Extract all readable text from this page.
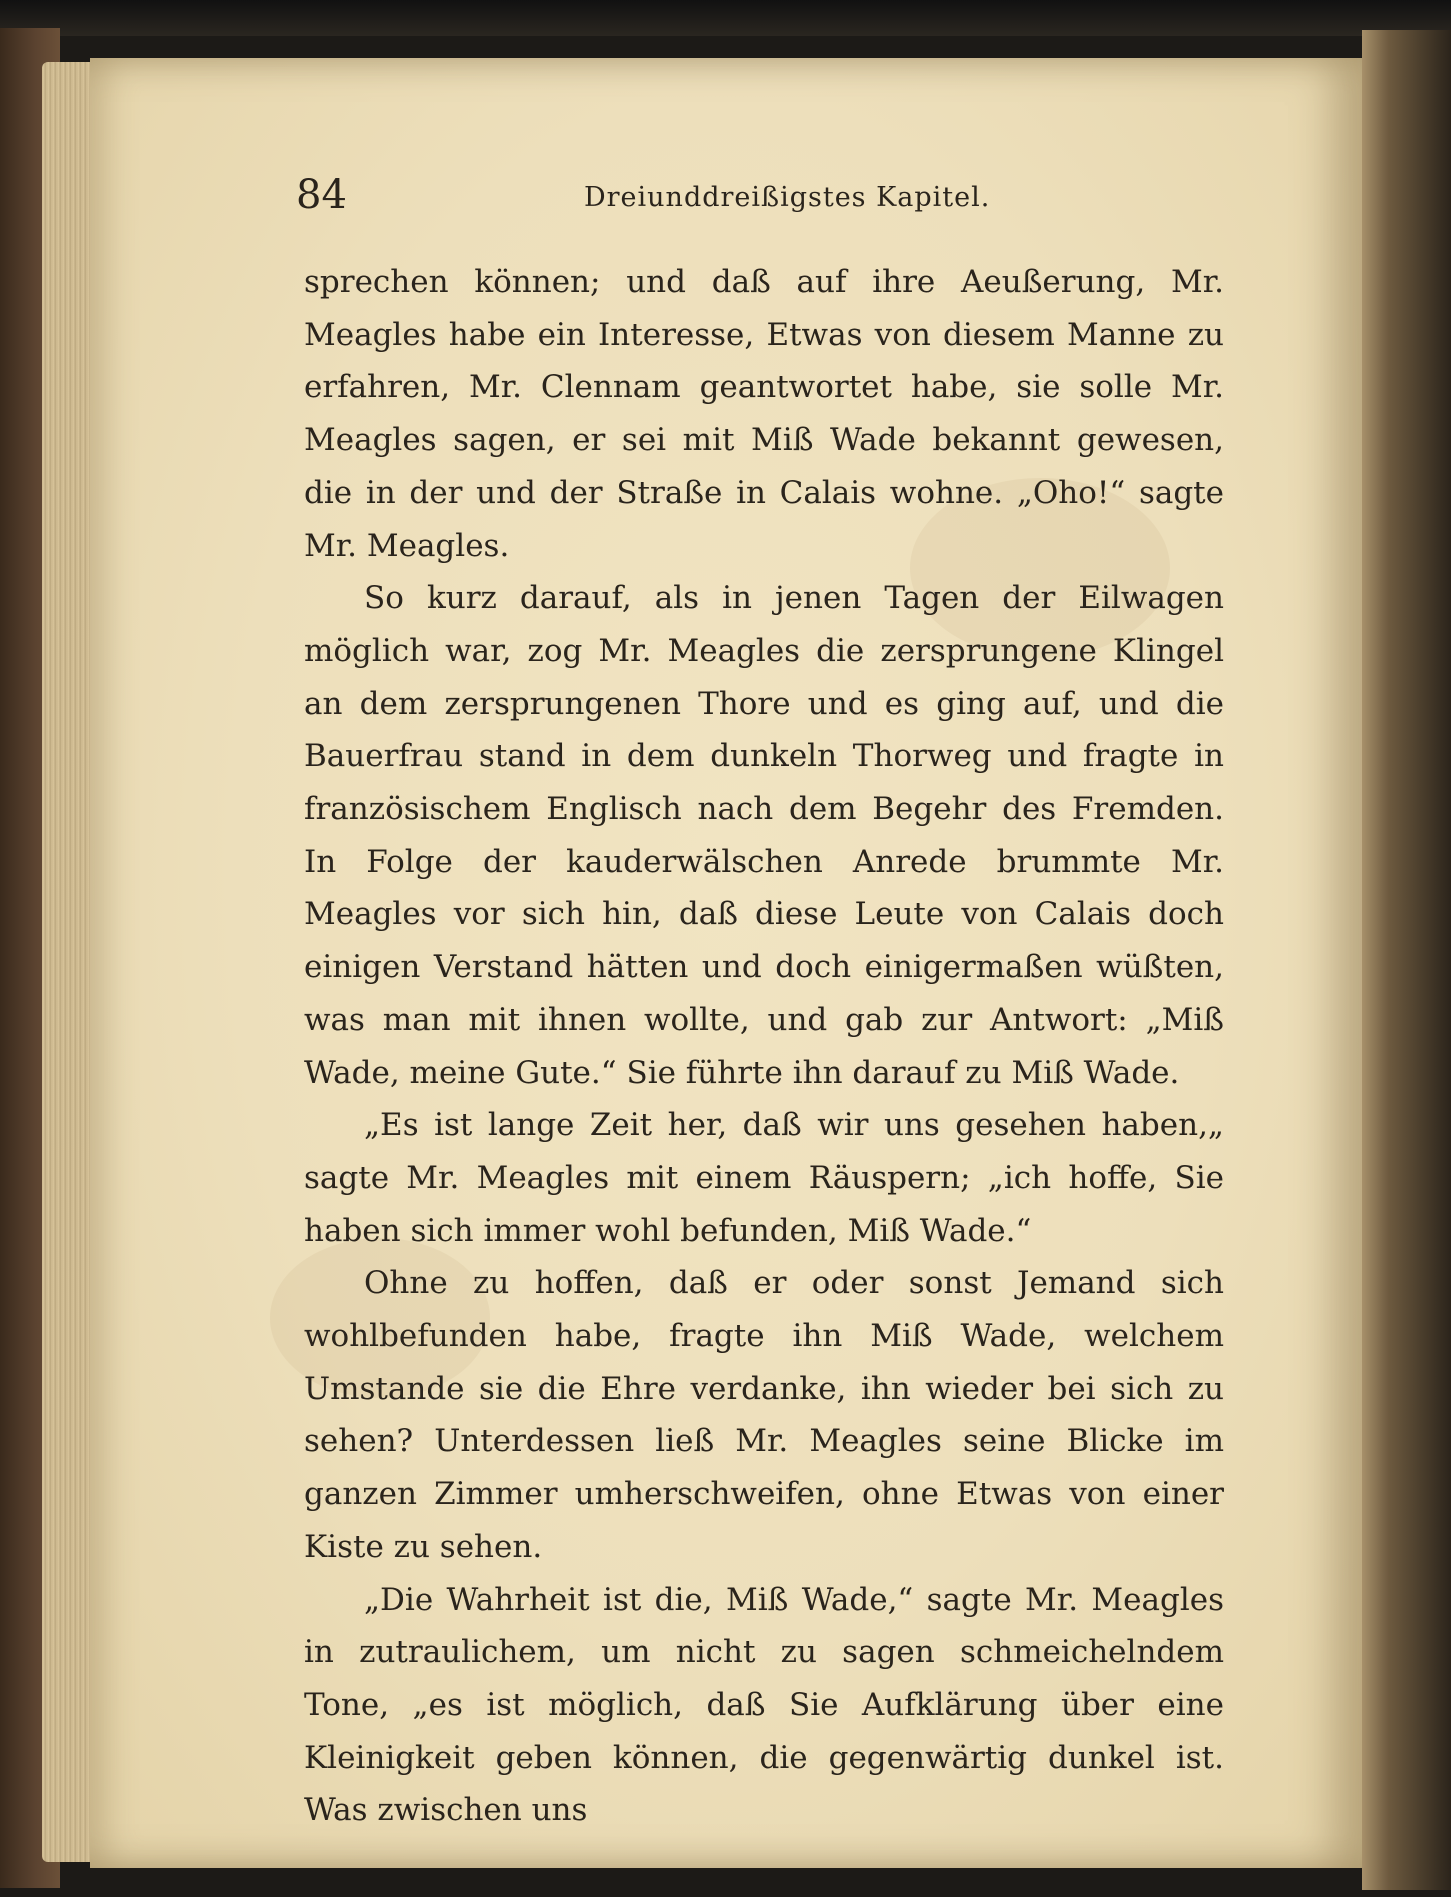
84	Dreiunddreißigstes Kapitel.

sprechen können; und daß auf ihre Aeußerung, Mr. Meagles habe ein Interesse, Etwas von diesem Manne zu erfahren, Mr. Clennam geantwortet habe, sie solle Mr. Meagles sagen, er sei mit Miß Wade bekannt gewesen, die in der und der Straße in Calais wohne. „Oho!“ sagte Mr. Meagles.

So kurz darauf, als in jenen Tagen der Eilwagen möglich war, zog Mr. Meagles die zersprungene Klingel an dem zersprungenen Thore und es ging auf, und die Bauerfrau stand in dem dunkeln Thorweg und fragte in französischem Englisch nach dem Begehr des Fremden. In Folge der kauderwälschen Anrede brummte Mr. Meagles vor sich hin, daß diese Leute von Calais doch einigen Verstand hätten und doch einigermaßen wüßten, was man mit ihnen wollte, und gab zur Antwort: „Miß Wade, meine Gute.“ Sie führte ihn darauf zu Miß Wade.

„Es ist lange Zeit her, daß wir uns gesehen haben,„ sagte Mr. Meagles mit einem Räuspern; „ich hoffe, Sie haben sich immer wohl befunden, Miß Wade.“

Ohne zu hoffen, daß er oder sonst Jemand sich wohlbefunden habe, fragte ihn Miß Wade, welchem Umstande sie die Ehre verdanke, ihn wieder bei sich zu sehen? Unterdessen ließ Mr. Meagles seine Blicke im ganzen Zimmer umherschweifen, ohne Etwas von einer Kiste zu sehen.

„Die Wahrheit ist die, Miß Wade,“ sagte Mr. Meagles in zutraulichem, um nicht zu sagen schmeichelndem Tone, „es ist möglich, daß Sie Aufklärung über eine Kleinigkeit geben können, die gegenwärtig dunkel ist. Was zwischen uns
